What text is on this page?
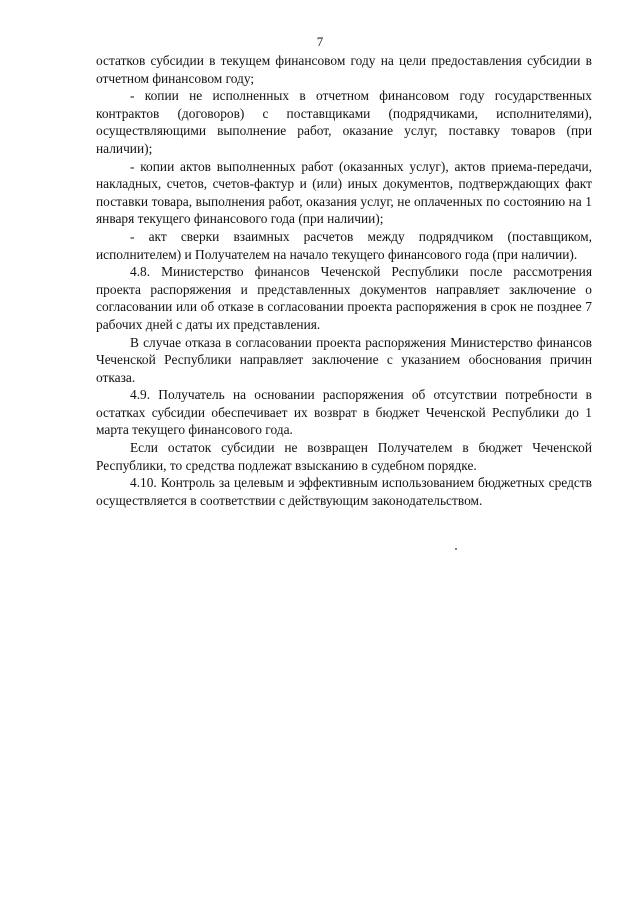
7

остатков субсидии в текущем финансовом году на цели предоставления субсидии в отчетном финансовом году;

- копии не исполненных в отчетном финансовом году государственных контрактов (договоров) с поставщиками (подрядчиками, исполнителями), осуществляющими выполнение работ, оказание услуг, поставку товаров (при наличии);

- копии актов выполненных работ (оказанных услуг), актов приема-передачи, накладных, счетов, счетов-фактур и (или) иных документов, подтверждающих факт поставки товара, выполнения работ, оказания услуг, не оплаченных по состоянию на 1 января текущего финансового года (при наличии);

- акт сверки взаимных расчетов между подрядчиком (поставщиком, исполнителем) и Получателем на начало текущего финансового года (при наличии).

4.8. Министерство финансов Чеченской Республики после рассмотрения проекта распоряжения и представленных документов направляет заключение о согласовании или об отказе в согласовании проекта распоряжения в срок не позднее 7 рабочих дней с даты их представления.

В случае отказа в согласовании проекта распоряжения Министерство финансов Чеченской Республики направляет заключение с указанием обоснования причин отказа.

4.9. Получатель на основании распоряжения об отсутствии потребности в остатках субсидии обеспечивает их возврат в бюджет Чеченской Республики до 1 марта текущего финансового года.

Если остаток субсидии не возвращен Получателем в бюджет Чеченской Республики, то средства подлежат взысканию в судебном порядке.

4.10. Контроль за целевым и эффективным использованием бюджетных средств осуществляется в соответствии с действующим законодательством.
